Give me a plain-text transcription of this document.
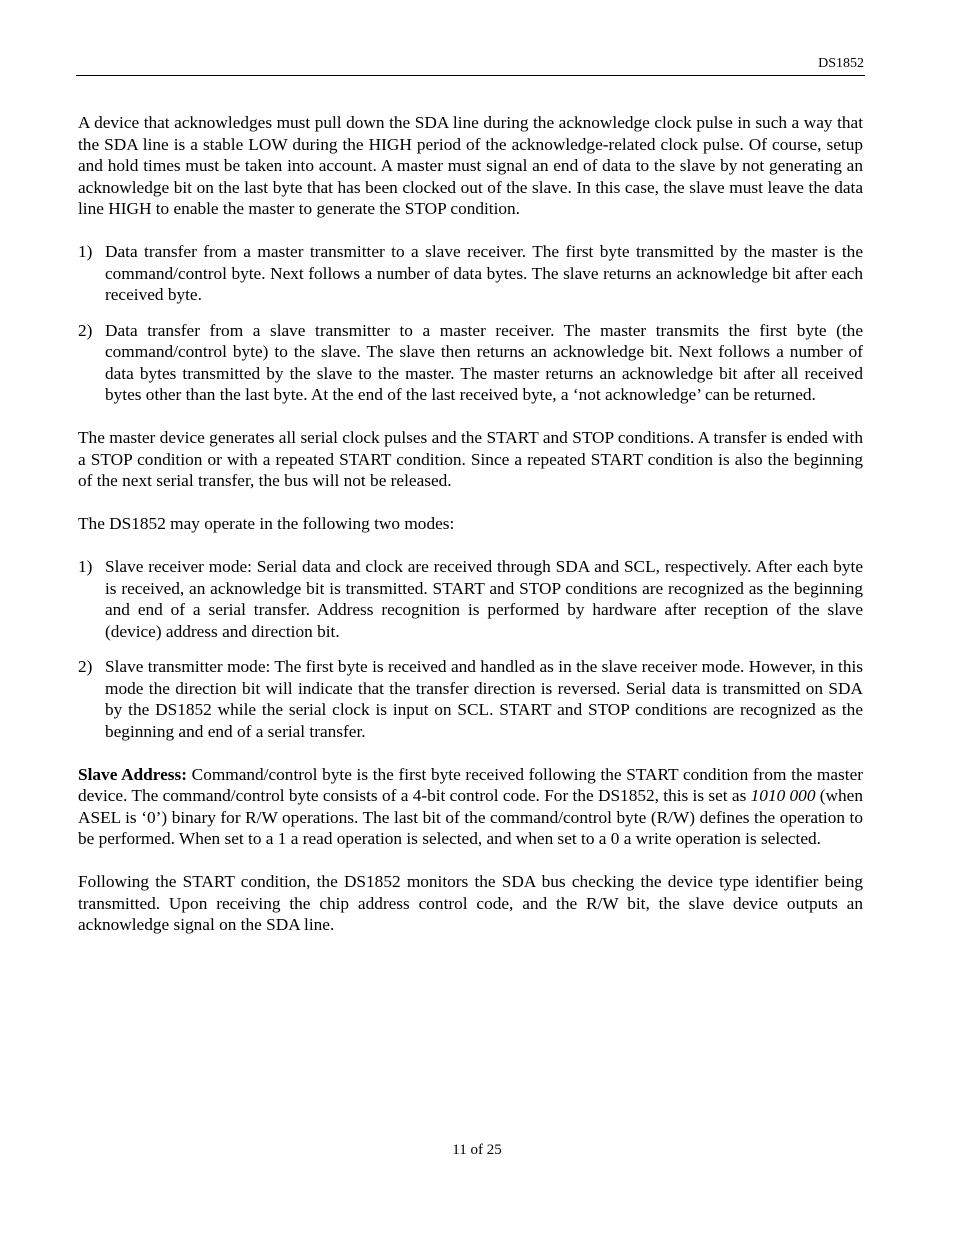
DS1852

A device that acknowledges must pull down the SDA line during the acknowledge clock pulse in such a way that the SDA line is a stable LOW during the HIGH period of the acknowledge-related clock pulse. Of course, setup and hold times must be taken into account. A master must signal an end of data to the slave by not generating an acknowledge bit on the last byte that has been clocked out of the slave. In this case, the slave must leave the data line HIGH to enable the master to generate the STOP condition.

1) Data transfer from a master transmitter to a slave receiver. The first byte transmitted by the master is the command/control byte. Next follows a number of data bytes. The slave returns an acknowledge bit after each received byte.
2) Data transfer from a slave transmitter to a master receiver. The master transmits the first byte (the command/control byte) to the slave. The slave then returns an acknowledge bit. Next follows a number of data bytes transmitted by the slave to the master. The master returns an acknowledge bit after all received bytes other than the last byte. At the end of the last received byte, a ‘not acknowledge’ can be returned.

The master device generates all serial clock pulses and the START and STOP conditions. A transfer is ended with a STOP condition or with a repeated START condition. Since a repeated START condition is also the beginning of the next serial transfer, the bus will not be released.

The DS1852 may operate in the following two modes:

1) Slave receiver mode: Serial data and clock are received through SDA and SCL, respectively. After each byte is received, an acknowledge bit is transmitted. START and STOP conditions are recognized as the beginning and end of a serial transfer. Address recognition is performed by hardware after reception of the slave (device) address and direction bit.
2) Slave transmitter mode: The first byte is received and handled as in the slave receiver mode. However, in this mode the direction bit will indicate that the transfer direction is reversed. Serial data is transmitted on SDA by the DS1852 while the serial clock is input on SCL. START and STOP conditions are recognized as the beginning and end of a serial transfer.

Slave Address: Command/control byte is the first byte received following the START condition from the master device. The command/control byte consists of a 4-bit control code. For the DS1852, this is set as 1010 000 (when ASEL is ‘0’) binary for R/W operations. The last bit of the command/control byte (R/W) defines the operation to be performed. When set to a 1 a read operation is selected, and when set to a 0 a write operation is selected.

Following the START condition, the DS1852 monitors the SDA bus checking the device type identifier being transmitted. Upon receiving the chip address control code, and the R/W bit, the slave device outputs an acknowledge signal on the SDA line.

11 of 25
